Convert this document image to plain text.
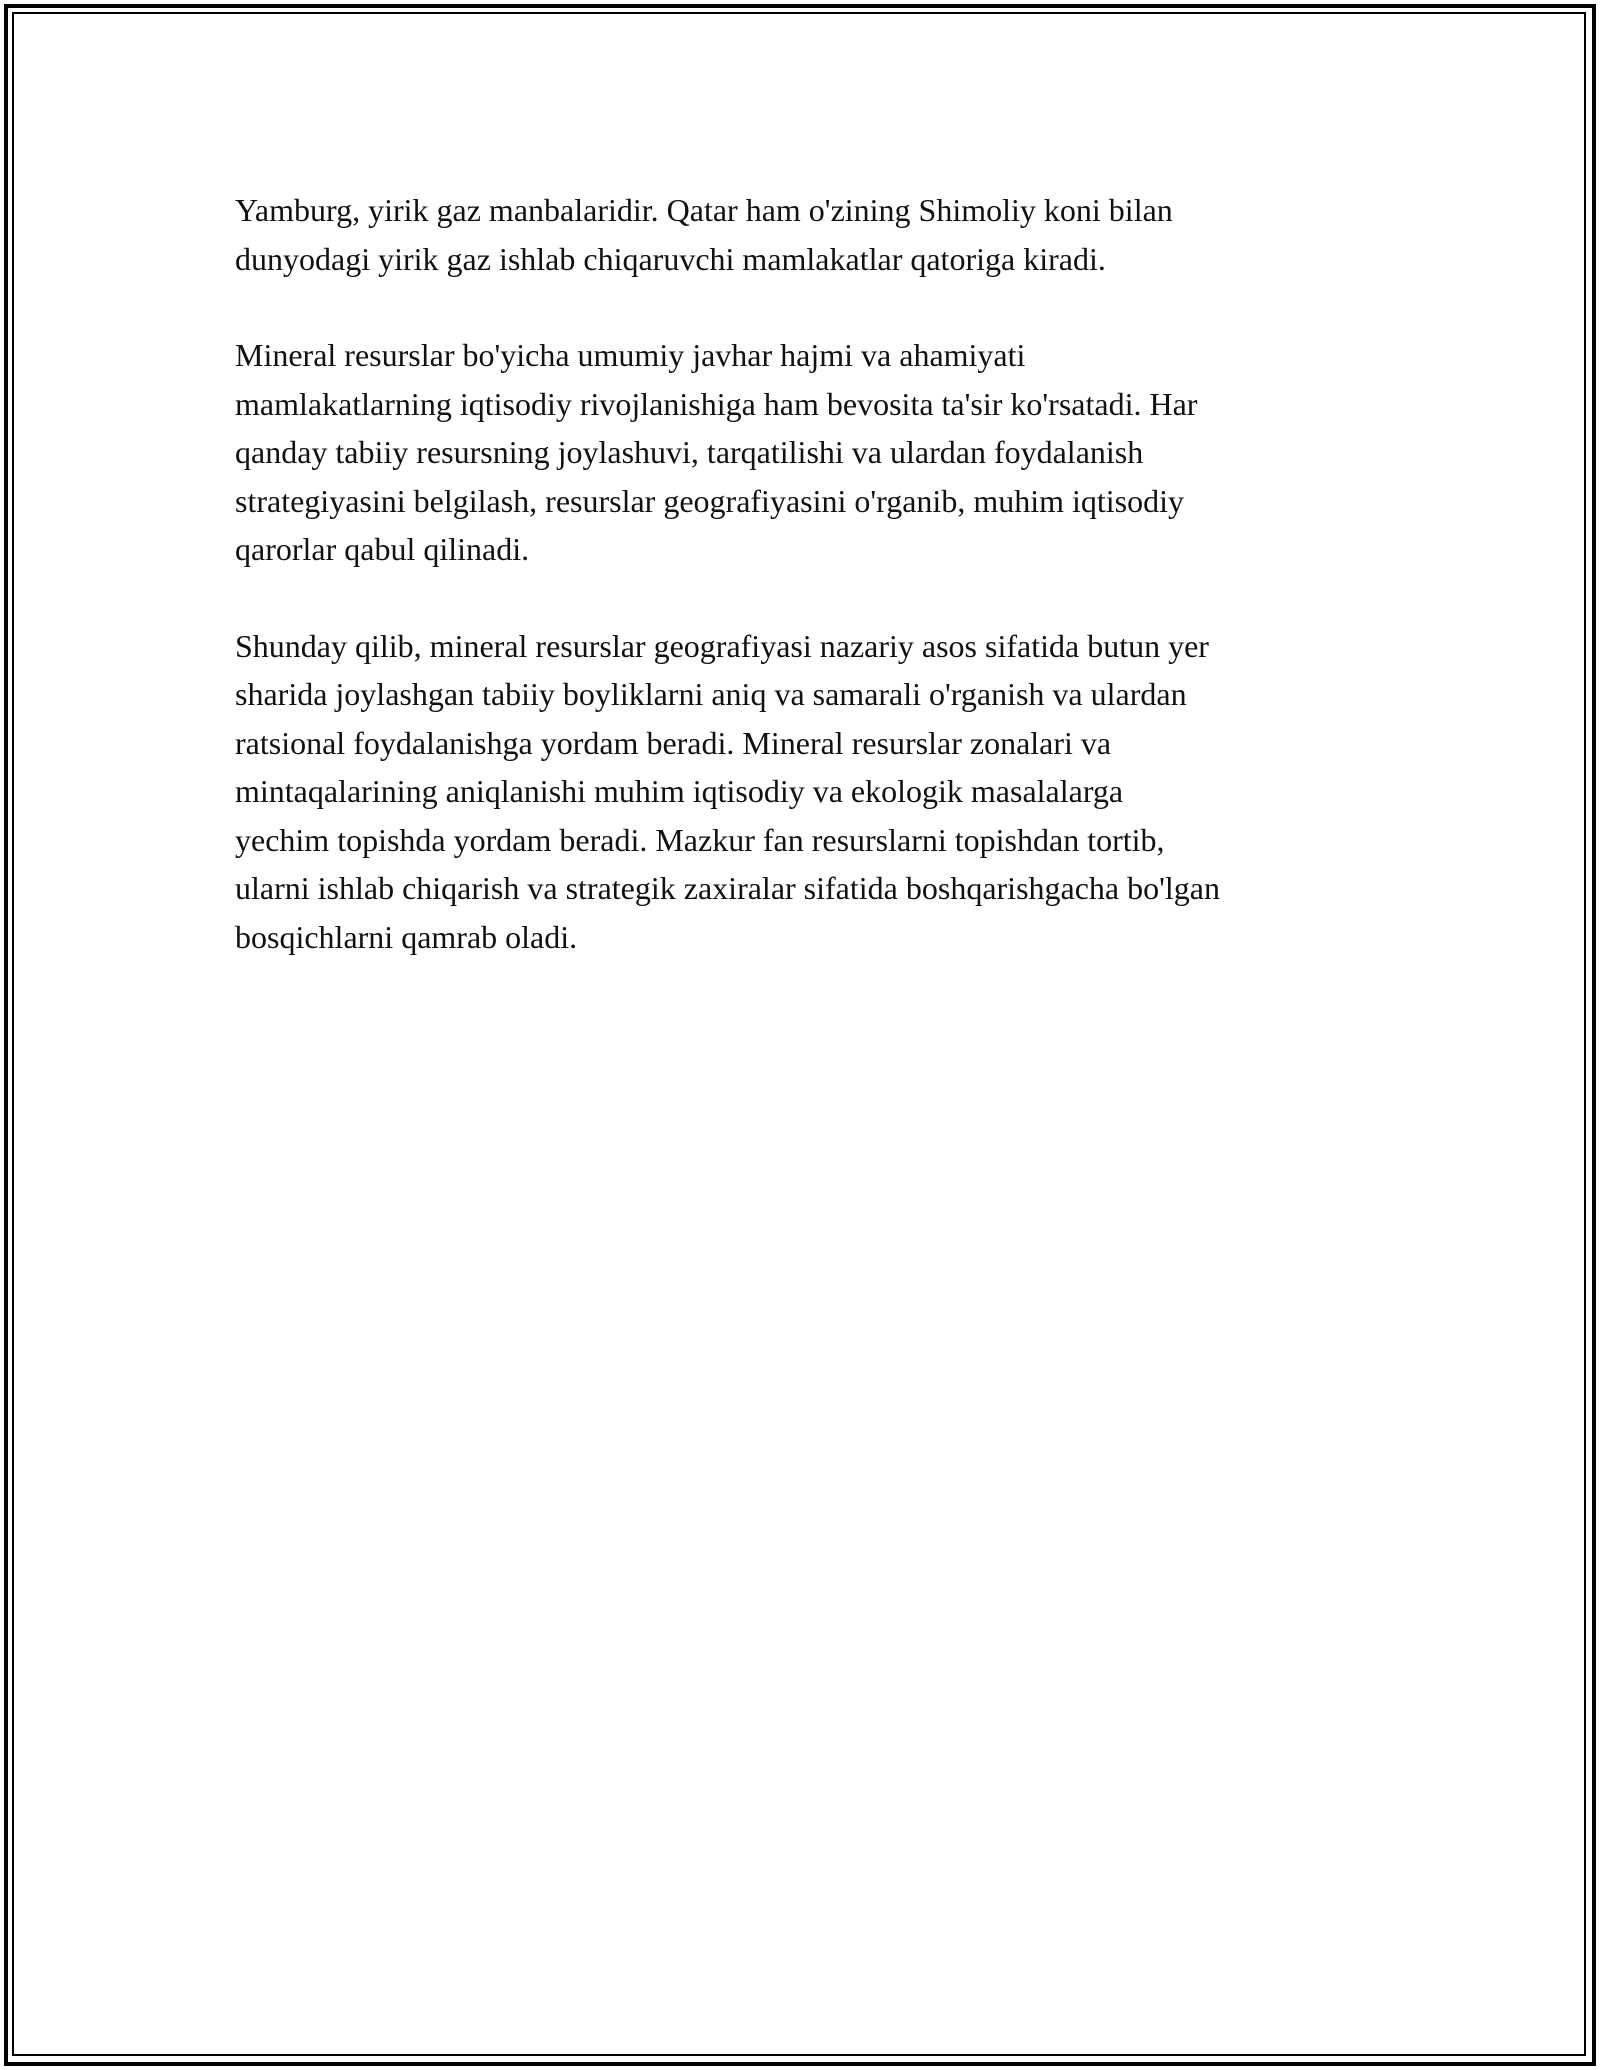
Yamburg, yirik gaz manbalaridir. Qatar ham o'zining Shimoliy koni bilan
dunyodagi yirik gaz ishlab chiqaruvchi mamlakatlar qatoriga kiradi.

Mineral resurslar bo'yicha umumiy javhar hajmi va ahamiyati
mamlakatlarning iqtisodiy rivojlanishiga ham bevosita ta'sir ko'rsatadi. Har
qanday tabiiy resursning joylashuvi, tarqatilishi va ulardan foydalanish
strategiyasini belgilash, resurslar geografiyasini o'rganib, muhim iqtisodiy
qarorlar qabul qilinadi.

Shunday qilib, mineral resurslar geografiyasi nazariy asos sifatida butun yer
sharida joylashgan tabiiy boyliklarni aniq va samarali o'rganish va ulardan
ratsional foydalanishga yordam beradi. Mineral resurslar zonalari va
mintaqalarining aniqlanishi muhim iqtisodiy va ekologik masalalarga
yechim topishda yordam beradi. Mazkur fan resurslarni topishdan tortib,
ularni ishlab chiqarish va strategik zaxiralar sifatida boshqarishgacha bo'lgan
bosqichlarni qamrab oladi.
